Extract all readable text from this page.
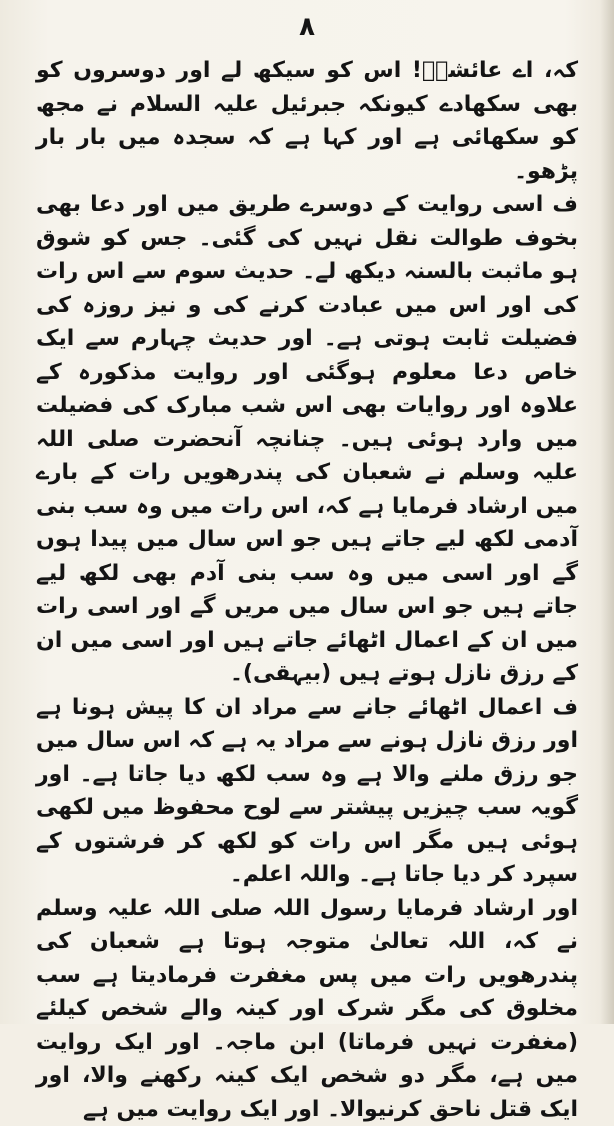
۸

کہ، اے عائشہؓ! اس کو سیکھ لے اور دوسروں کو بھی سکھادے کیونکہ جبرئیل علیہ السلام نے مجھ کو سکھائی ہے اور کہا ہے کہ سجدہ میں بار بار پڑھو۔

ف اسی روایت کے دوسرے طریق میں اور دعا بھی بخوف طوالت نقل نہیں کی گئی۔ جس کو شوق ہو ماثبت بالسنہ دیکھ لے۔ حدیث سوم سے اس رات کی اور اس میں عبادت کرنے کی و نیز روزہ کی فضیلت ثابت ہوتی ہے۔ اور حدیث چہارم سے ایک خاص دعا معلوم ہوگئی اور روایت مذکورہ کے علاوہ اور روایات بھی اس شب مبارک کی فضیلت میں وارد ہوئی ہیں۔ چنانچہ آنحضرت صلی اللہ علیہ وسلم نے شعبان کی پندرھویں رات کے بارے میں ارشاد فرمایا ہے کہ، اس رات میں وہ سب بنی آدمی لکھ لیے جاتے ہیں جو اس سال میں پیدا ہوں گے اور اسی میں وہ سب بنی آدم بھی لکھ لیے جاتے ہیں جو اس سال میں مریں گے اور اسی رات میں ان کے اعمال اٹھائے جاتے ہیں اور اسی میں ان کے رزق نازل ہوتے ہیں (بیہقی)۔

ف اعمال اٹھائے جانے سے مراد ان کا پیش ہونا ہے اور رزق نازل ہونے سے مراد یہ ہے کہ اس سال میں جو رزق ملنے والا ہے وہ سب لکھ دیا جاتا ہے۔ اور گویہ سب چیزیں پیشتر سے لوح محفوظ میں لکھی ہوئی ہیں مگر اس رات کو لکھ کر فرشتوں کے سپرد کر دیا جاتا ہے۔ واللہ اعلم۔

اور ارشاد فرمایا رسول اللہ صلی اللہ علیہ وسلم نے کہ، اللہ تعالیٰ متوجہ ہوتا ہے شعبان کی پندرھویں رات میں پس مغفرت فرمادیتا ہے سب مخلوق کی مگر شرک اور کینہ والے شخص کیلئے (مغفرت نہیں فرماتا) ابن ماجہ۔ اور ایک روایت میں ہے، مگر دو شخص ایک کینہ رکھنے والا، اور ایک قتل ناحق کرنیوالا۔ اور ایک روایت میں ہے
